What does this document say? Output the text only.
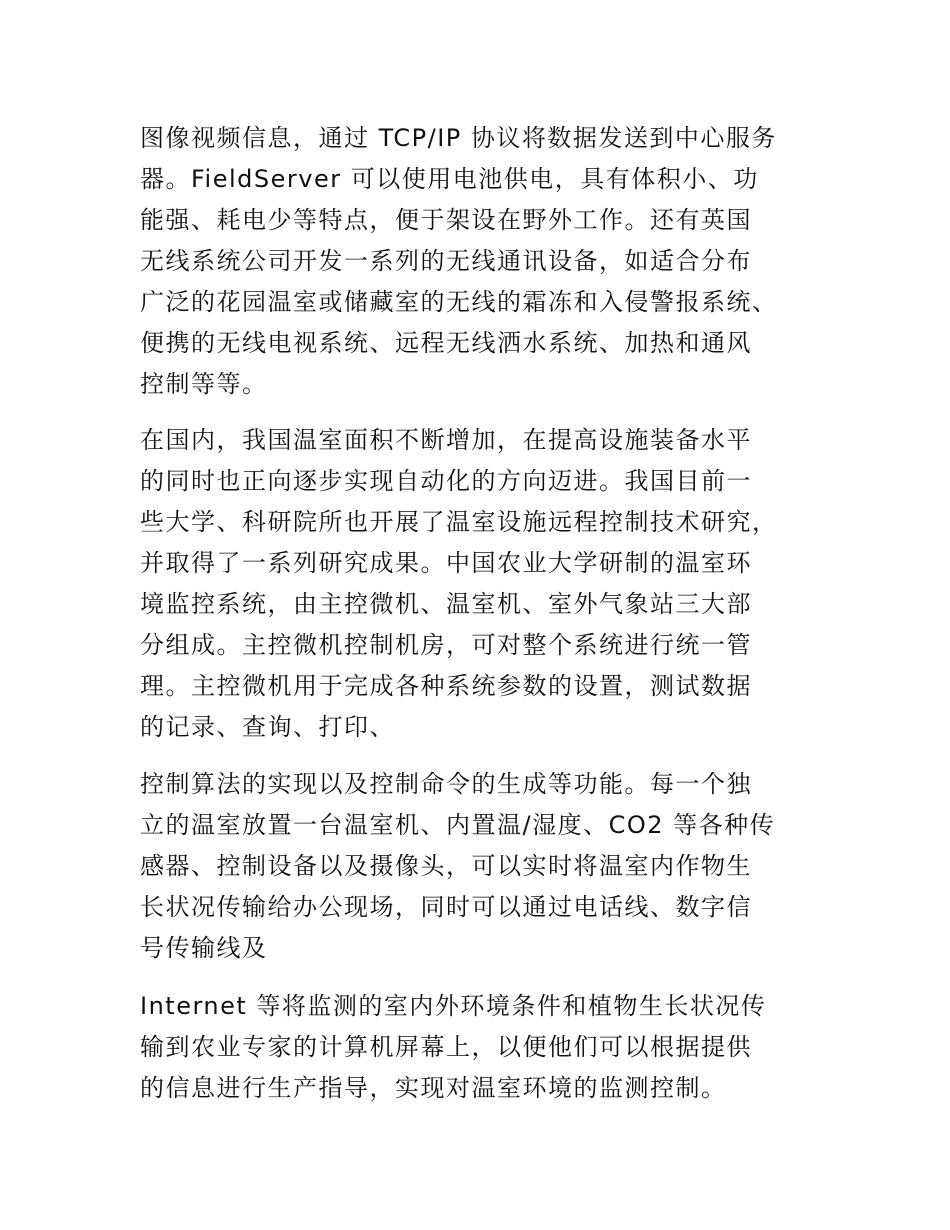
图像视频信息，通过 TCP/IP 协议将数据发送到中心服务
器。FieldServer 可以使用电池供电，具有体积小、功
能强、耗电少等特点，便于架设在野外工作。还有英国
无线系统公司开发一系列的无线通讯设备，如适合分布
广泛的花园温室或储藏室的无线的霜冻和入侵警报系统、
便携的无线电视系统、远程无线洒水系统、加热和通风
控制等等。
在国内，我国温室面积不断增加，在提高设施装备水平
的同时也正向逐步实现自动化的方向迈进。我国目前一
些大学、科研院所也开展了温室设施远程控制技术研究，
并取得了一系列研究成果。中国农业大学研制的温室环
境监控系统，由主控微机、温室机、室外气象站三大部
分组成。主控微机控制机房，可对整个系统进行统一管
理。主控微机用于完成各种系统参数的设置，测试数据
的记录、查询、打印、
控制算法的实现以及控制命令的生成等功能。每一个独
立的温室放置一台温室机、内置温/湿度、CO2 等各种传
感器、控制设备以及摄像头，可以实时将温室内作物生
长状况传输给办公现场，同时可以通过电话线、数字信
号传输线及
Internet 等将监测的室内外环境条件和植物生长状况传
输到农业专家的计算机屏幕上，以便他们可以根据提供
的信息进行生产指导，实现对温室环境的监测控制。
